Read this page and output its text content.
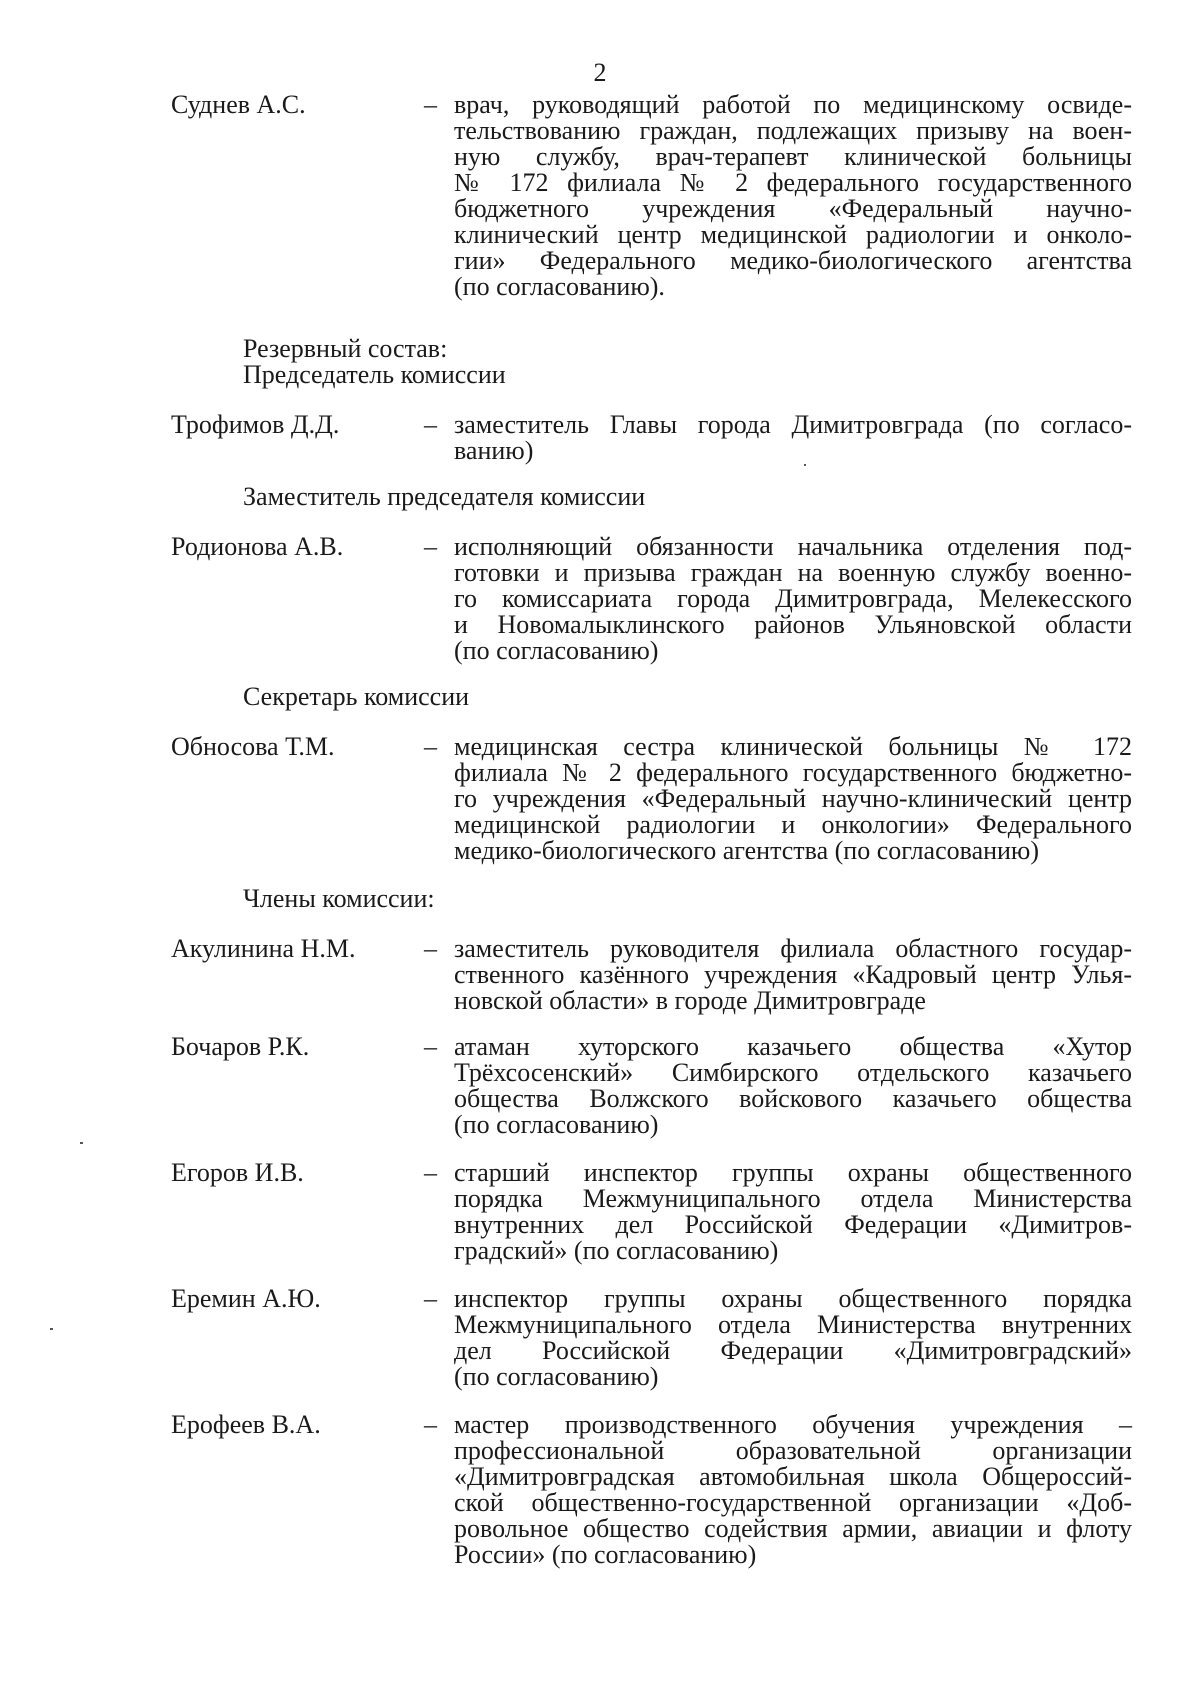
2
Суднев А.С.	– врач, руководящий работой по медицинскому освиде-
тельствованию граждан, подлежащих призыву на воен-
ную службу, врач-терапевт клинической больницы
№ 172 филиала № 2 федерального государственного
бюджетного учреждения «Федеральный научно-
клинический центр медицинской радиологии и онколо-
гии» Федерального медико-биологического агентства
(по согласованию).
Резервный состав:
Председатель комиссии
Трофимов Д.Д.	– заместитель Главы города Димитровграда (по согласо-
ванию)
Заместитель председателя комиссии
Родионова А.В.	– исполняющий обязанности начальника отделения под-
готовки и призыва граждан на военную службу военно-
го комиссариата города Димитровграда, Мелекесского
и Новомалыклинского районов Ульяновской области
(по согласованию)
Секретарь комиссии
Обносова Т.М.	– медицинская сестра клинической больницы № 172
филиала № 2 федерального государственного бюджетно-
го учреждения «Федеральный научно-клинический центр
медицинской радиологии и онкологии» Федерального
медико-биологического агентства (по согласованию)
Члены комиссии:
Акулинина Н.М.	– заместитель руководителя филиала областного государ-
ственного казённого учреждения «Кадровый центр Улья-
новской области» в городе Димитровграде
Бочаров Р.К.	– атаман хуторского казачьего общества «Хутор
Трёхсосенский» Симбирского отдельского казачьего
общества Волжского войскового казачьего общества
(по согласованию)
Егоров И.В.	– старший инспектор группы охраны общественного
порядка Межмуниципального отдела Министерства
внутренних дел Российской Федерации «Димитров-
градский» (по согласованию)
Еремин А.Ю.	– инспектор группы охраны общественного порядка
Межмуниципального отдела Министерства внутренних
дел Российской Федерации «Димитровградский»
(по согласованию)
Ерофеев В.А.	– мастер производственного обучения учреждения –
профессиональной образовательной организации
«Димитровградская автомобильная школа Общероссий-
ской общественно-государственной организации «Доб-
ровольное общество содействия армии, авиации и флоту
России» (по согласованию)
